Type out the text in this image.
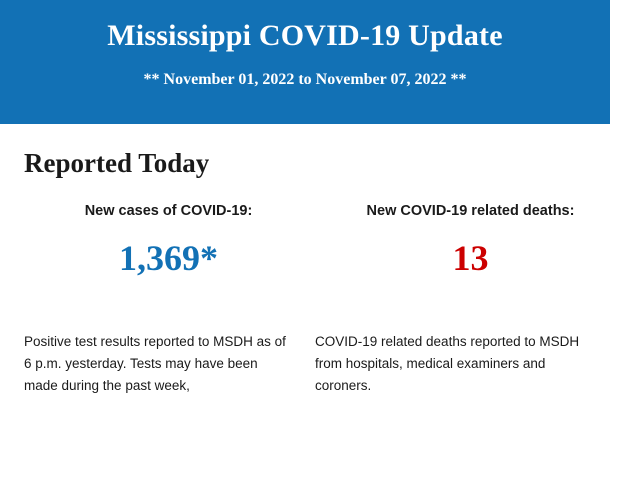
Mississippi COVID-19 Update

** November 01, 2022 to November 07, 2022 **

Reported Today

New cases of COVID-19:

1,369*

New COVID-19 related deaths:

13

Positive test results reported to MSDH as of 6 p.m. yesterday. Tests may have been made during the past week,

COVID-19 related deaths reported to MSDH from hospitals, medical examiners and coroners.
